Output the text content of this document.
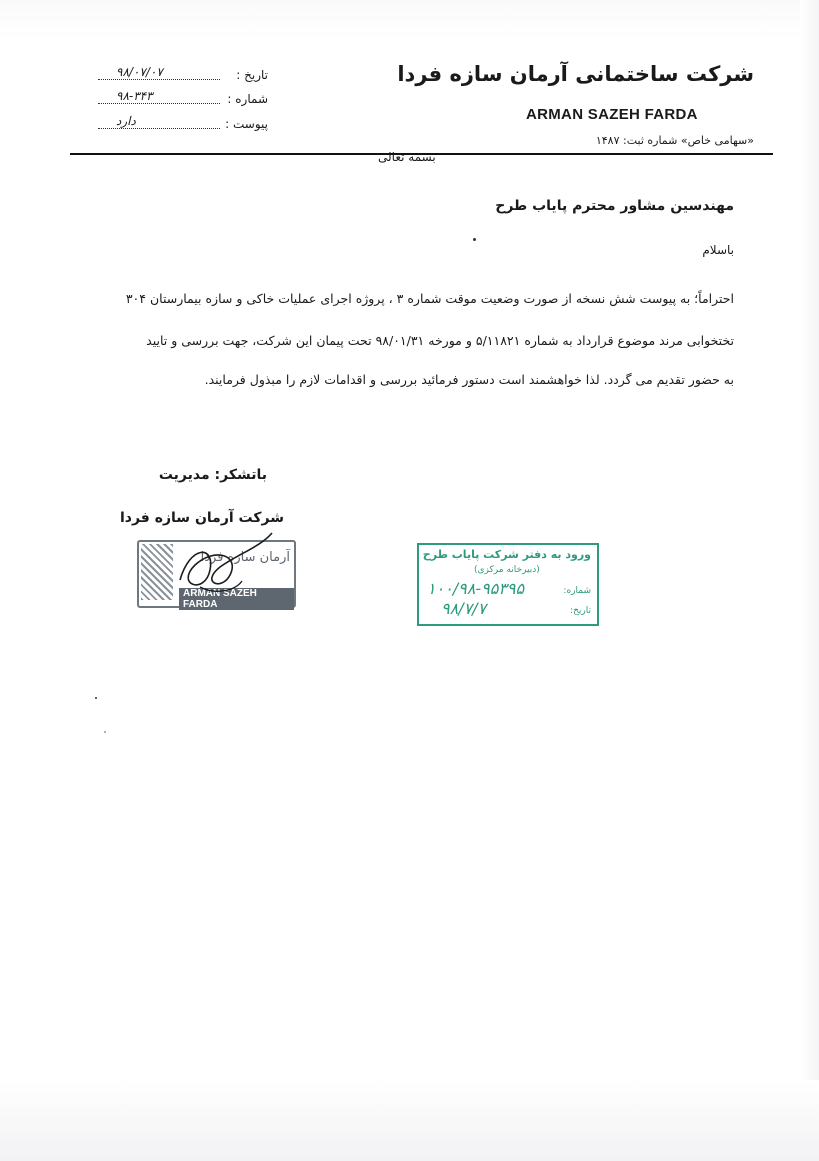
شرکت ساختمانی آرمان سازه فردا
ARMAN SAZEH FARDA
«سهامی خاص» شماره ثبت: ۱۴۸۷
تاریخ :
۹۸/۰۷/۰۷
شماره :
۹۸-۳۴۳
پیوست :
دارد
بسمه تعالی
مهندسین مشاور محترم پایاب طرح
باسلام
احتراماً؛ به پیوست شش نسخه از صورت وضعیت موقت شماره ۳ ، پروژه اجرای عملیات خاکی و سازه بیمارستان ۳۰۴
تختخوابی مرند موضوع قرارداد به شماره ۵/۱۱۸۲۱ و مورخه ۹۸/۰۱/۳۱ تحت پیمان این شرکت، جهت بررسی و تایید
به حضور تقدیم می گردد. لذا خواهشمند است دستور فرمائید بررسی و اقدامات لازم را مبذول فرمایند.
باتشکر: مدیریت
شرکت آرمان سازه فردا
آرمان سازه فردا
ARMAN SAZEH FARDA
1487
ورود به دفتر شرکت پایاب طرح
(دبیرخانه مرکزی)
شماره:
۱۰۰/۹۸-۹۵۳۹۵
تاریخ:
۹۸/۷/۷
